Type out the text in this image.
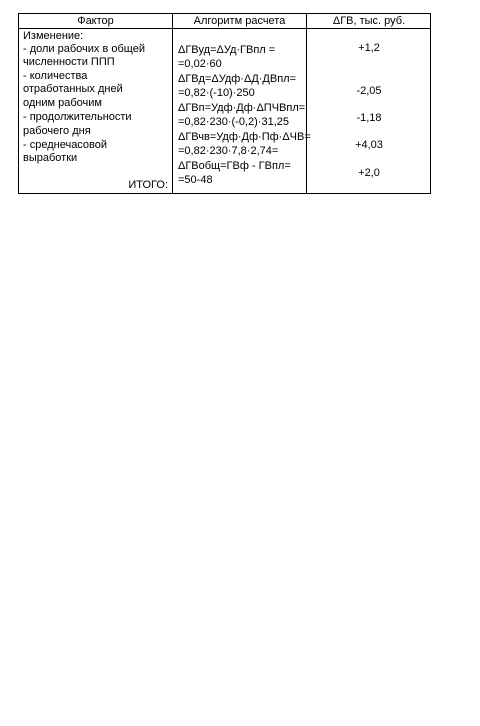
Фактор	Алгоритм расчета	ΔГВ, тыс. руб.
Изменение:
- доли рабочих в общей
численности ППП
- количества
отработанных дней
одним рабочим
- продолжительности
рабочего дня
- среднечасовой
выработки
ИТОГО:
ΔГВуд=ΔУд·ГВпл =
=0,02·60
ΔГВд=ΔУдф·ΔД·ДВпл=
=0,82·(-10)·250
ΔГВп=Удф·Дф·ΔПЧВпл=
=0,82·230·(-0,2)·31,25
ΔГВчв=Удф·Дф·Пф·ΔЧВ=
=0,82·230·7,8·2,74=
ΔГВобщ=ГВф - ГВпл=
=50-48
+1,2
-2,05
-1,18
+4,03
+2,0
